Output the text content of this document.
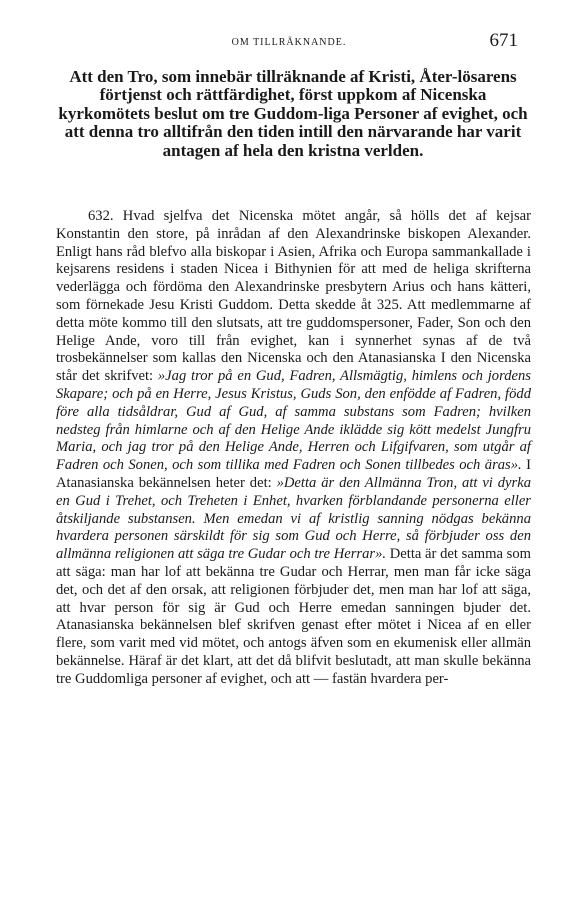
OM TILLRÄKNANDE.	671
Att den Tro, som innebär tillräknande af Kristi, Åter-lösarens förtjenst och rättfärdighet, först uppkom af Nicenska kyrkomötets beslut om tre Guddom-liga Personer af evighet, och att denna tro alltifrån den tiden intill den närvarande har varit antagen af hela den kristna verlden.

632. Hvad sjelfva det Nicenska mötet angår, så hölls det af kejsar Konstantin den store, på inrådan af den Alexandrinske biskopen Alexander. Enligt hans råd blefvo alla biskopar i Asien, Afrika och Europa sammankallade i kejsarens residens i staden Nicea i Bithynien för att med de heliga skrifterna vederlägga och fördöma den Alexandrinske presbytern Arius och hans kätteri, som förnekade Jesu Kristi Guddom. Detta skedde åt 325. Att medlemmarne af detta möte kommo till den slutsats, att tre guddomspersoner, Fader, Son och den Helige Ande, voro till från evighet, kan i synnerhet synas af de två trosbekännelser som kallas den Nicenska och den Atanasianska I den Nicenska står det skrifvet: »Jag tror på en Gud, Fadren, Allsmägtig, himlens och jordens Skapare; och på en Herre, Jesus Kristus, Guds Son, den enfödde af Fadren, född före alla tidsåldrar, Gud af Gud, af samma substans som Fadren; hvilken nedsteg från himlarne och af den Helige Ande iklädde sig kött medelst Jungfru Maria, och jag tror på den Helige Ande, Herren och Lifgifvaren, som utgår af Fadren och Sonen, och som tillika med Fadren och Sonen tillbedes och äras». I Atanasianska bekännelsen heter det: »Detta är den Allmänna Tron, att vi dyrka en Gud i Trehet, och Treheten i Enhet, hvarken förblandande personerna eller åtskiljande substansen. Men emedan vi af kristlig sanning nödgas bekänna hvardera personen särskildt för sig som Gud och Herre, så förbjuder oss den allmänna religionen att säga tre Gudar och tre Herrar». Detta är det samma som att säga: man har lof att bekänna tre Gudar och Herrar, men man får icke säga det, och det af den orsak, att religionen förbjuder det, men man har lof att säga, att hvar person för sig är Gud och Herre emedan sanningen bjuder det. Atanasianska bekännelsen blef skrifven genast efter mötet i Nicea af en eller flere, som varit med vid mötet, och antogs äfven som en ekumenisk eller allmän bekännelse. Häraf är det klart, att det då blifvit beslutadt, att man skulle bekänna tre Guddomliga personer af evighet, och att — fastän hvardera per-
